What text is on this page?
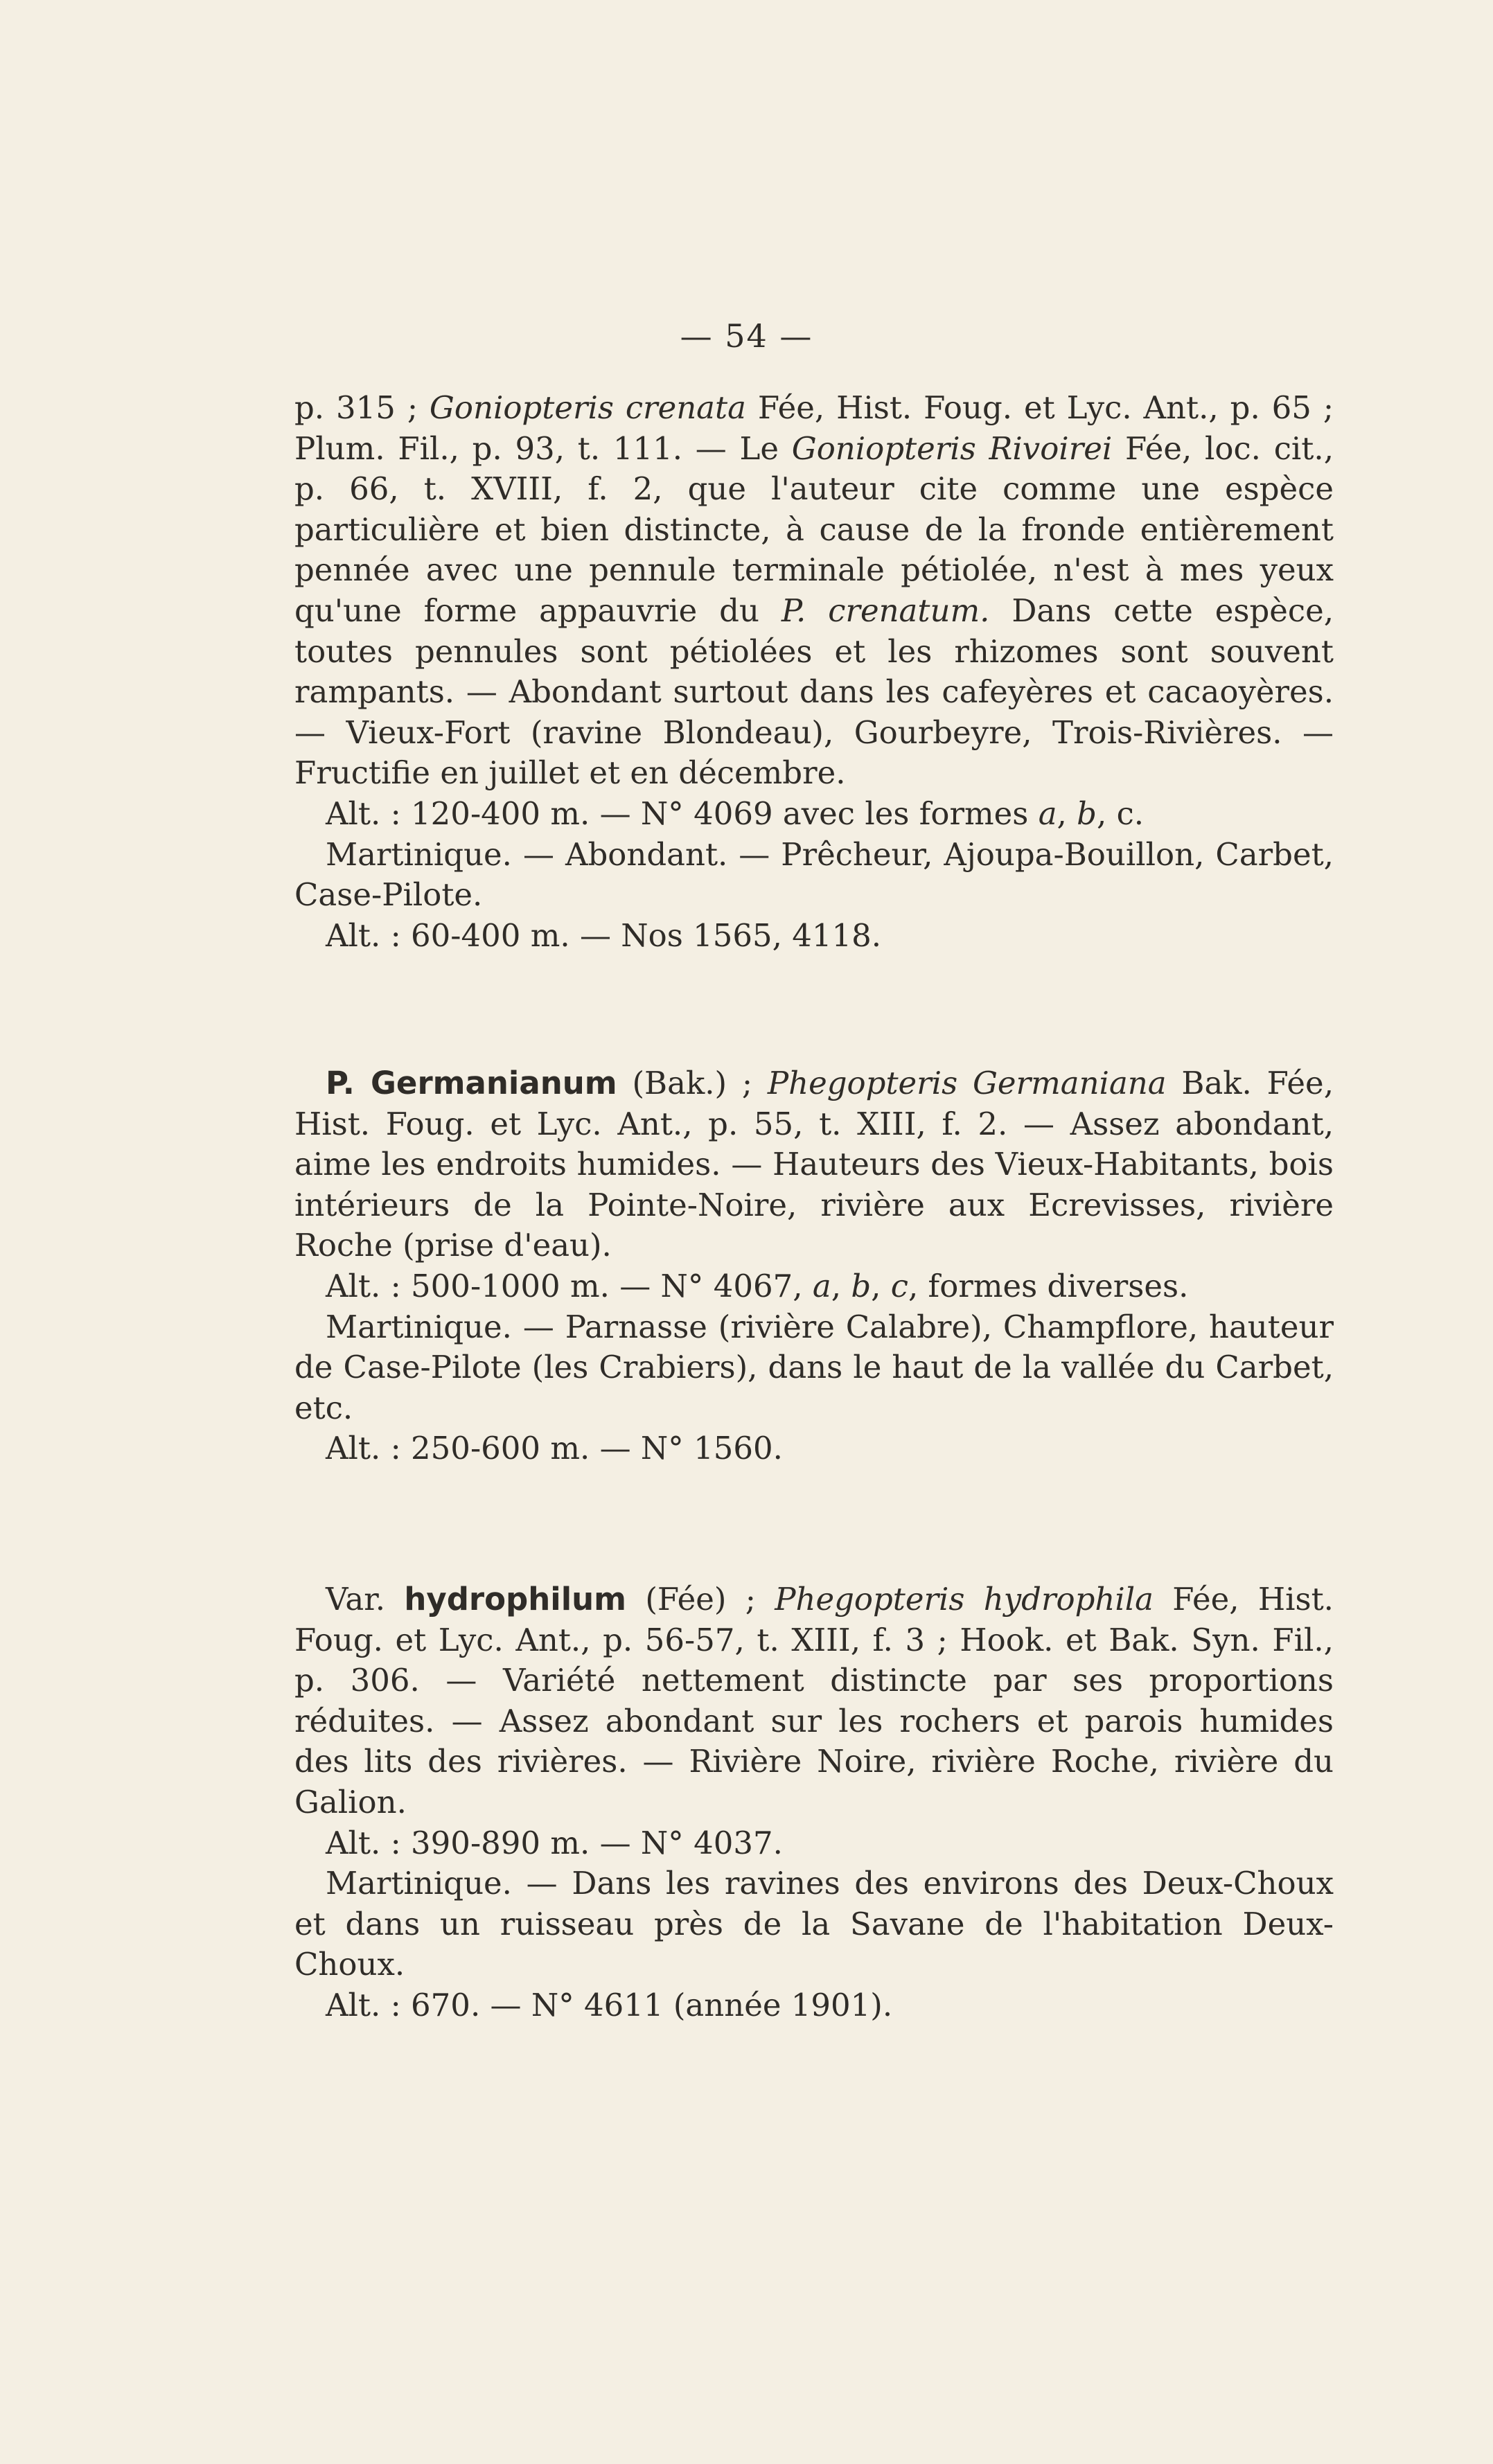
— 54 —

p. 315 ; Goniopteris crenata Fée, Hist. Foug. et Lyc. Ant., p. 65 ; Plum. Fil., p. 93, t. 111. — Le Goniopteris Rivoirei Fée, loc. cit., p. 66, t. XVIII, f. 2, que l'auteur cite comme une espèce particulière et bien distincte, à cause de la fronde entièrement pennée avec une pennule terminale pétiolée, n'est à mes yeux qu'une forme appauvrie du P. crenatum. Dans cette espèce, toutes pennules sont pétiolées et les rhizomes sont souvent rampants. — Abondant surtout dans les cafeyères et cacaoyères. — Vieux-Fort (ravine Blondeau), Gourbeyre, Trois-Rivières. — Fructifie en juillet et en décembre.

Alt. : 120-400 m. — N° 4069 avec les formes a, b, c.

Martinique. — Abondant. — Prêcheur, Ajoupa-Bouillon, Carbet, Case-Pilote.

Alt. : 60-400 m. — Nos 1565, 4118.

P. Germanianum (Bak.) ; Phegopteris Germaniana Bak. Fée, Hist. Foug. et Lyc. Ant., p. 55, t. XIII, f. 2. — Assez abondant, aime les endroits humides. — Hauteurs des Vieux-Habitants, bois intérieurs de la Pointe-Noire, rivière aux Ecrevisses, rivière Roche (prise d'eau).

Alt. : 500-1000 m. — N° 4067, a, b, c, formes diverses.

Martinique. — Parnasse (rivière Calabre), Champflore, hauteur de Case-Pilote (les Crabiers), dans le haut de la vallée du Carbet, etc.

Alt. : 250-600 m. — N° 1560.

Var. hydrophilum (Fée) ; Phegopteris hydrophila Fée, Hist. Foug. et Lyc. Ant., p. 56-57, t. XIII, f. 3 ; Hook. et Bak. Syn. Fil., p. 306. — Variété nettement distincte par ses proportions réduites. — Assez abondant sur les rochers et parois humides des lits des rivières. — Rivière Noire, rivière Roche, rivière du Galion.

Alt. : 390-890 m. — N° 4037.

Martinique. — Dans les ravines des environs des Deux-Choux et dans un ruisseau près de la Savane de l'habitation Deux-Choux.

Alt. : 670. — N° 4611 (année 1901).
